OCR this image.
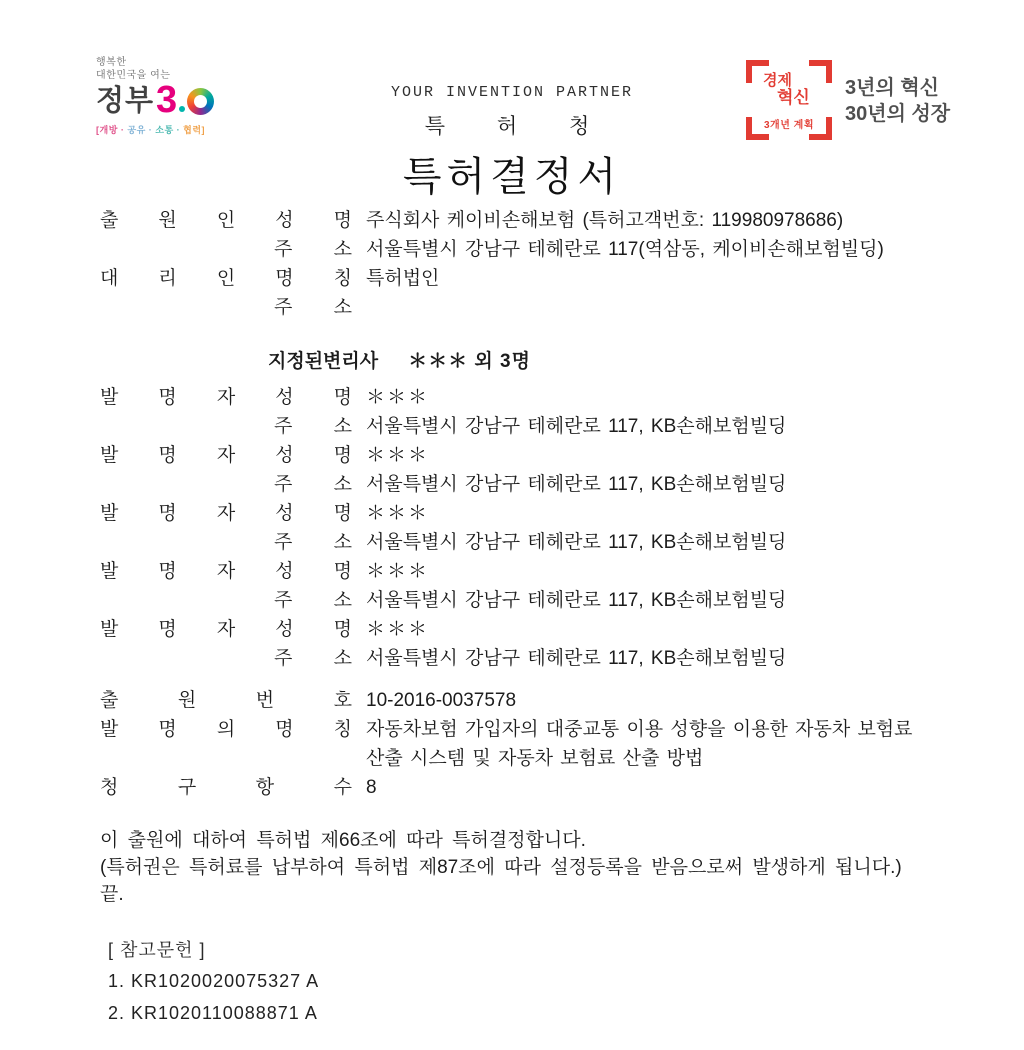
행복한
대한민국을 여는
정부 3
[개방 · 공유 · 소통 · 협력]
YOUR INVENTION PARTNER
특 허 청
특허결정서
경제
혁신
3개년 계획
3년의 혁신
30년의 성장
출 원 인 성 명 주식회사 케이비손해보험 (특허고객번호: 119980978686)
주 소 서울특별시 강남구 테헤란로 117(역삼동, 케이비손해보험빌딩)
대 리 인 명 칭 특허법인
주 소
지정된변리사 ＊＊＊ 외 3명
발 명 자 성 명 ＊＊＊
주 소 서울특별시 강남구 테헤란로 117, KB손해보험빌딩
발 명 자 성 명 ＊＊＊
주 소 서울특별시 강남구 테헤란로 117, KB손해보험빌딩
발 명 자 성 명 ＊＊＊
주 소 서울특별시 강남구 테헤란로 117, KB손해보험빌딩
발 명 자 성 명 ＊＊＊
주 소 서울특별시 강남구 테헤란로 117, KB손해보험빌딩
발 명 자 성 명 ＊＊＊
주 소 서울특별시 강남구 테헤란로 117, KB손해보험빌딩
출 원 번 호 10-2016-0037578
발 명 의 명 칭 자동차보험 가입자의 대중교통 이용 성향을 이용한 자동차 보험료 산출 시스템 및 자동차 보험료 산출 방법
청 구 항 수 8
이 출원에 대하여 특허법 제66조에 따라 특허결정합니다.
(특허권은 특허료를 납부하여 특허법 제87조에 따라 설정등록을 받음으로써 발생하게 됩니다.) 끝.
[ 참고문헌 ]
1. KR1020020075327 A
2. KR1020110088871 A
